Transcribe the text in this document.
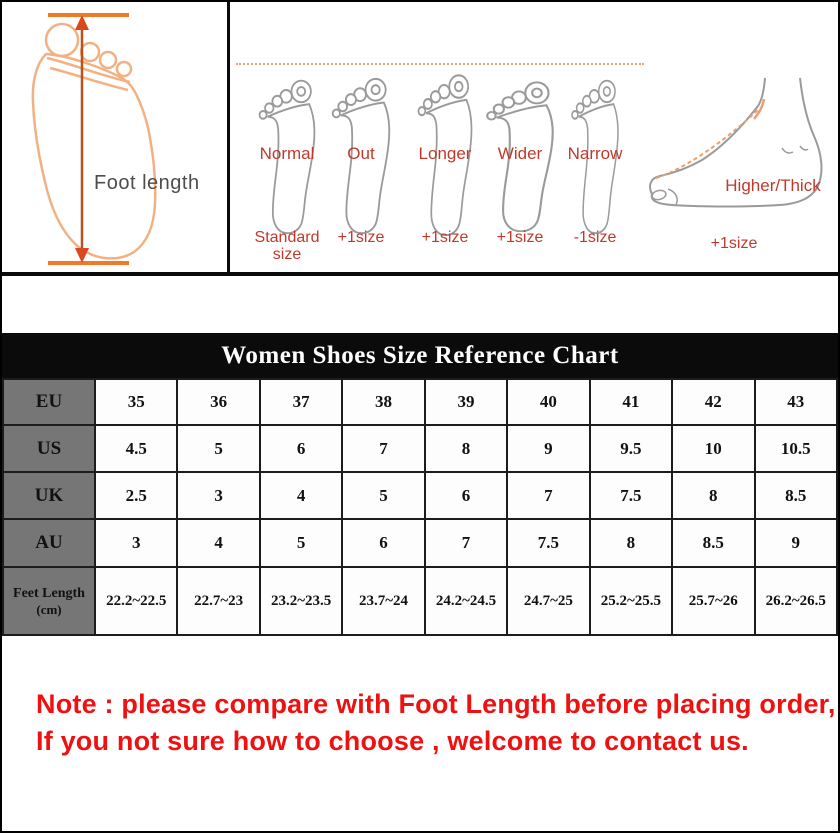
Foot length
Normal
Standard size
Out
+1size
Longer
+1size
Wider
+1size
Narrow
-1size
Higher/Thick
+1size
Women Shoes Size Reference Chart
EU	35	36	37	38	39	40	41	42	43
US	4.5	5	6	7	8	9	9.5	10	10.5
UK	2.5	3	4	5	6	7	7.5	8	8.5
AU	3	4	5	6	7	7.5	8	8.5	9

Feet Length
(cm)	22.2~22.5	22.7~23	23.2~23.5	23.7~24	24.2~24.5	24.7~25	25.2~25.5	25.7~26	26.2~26.5
Note : please compare with Foot Length before placing order,
If you not sure how to choose , welcome to contact us.
